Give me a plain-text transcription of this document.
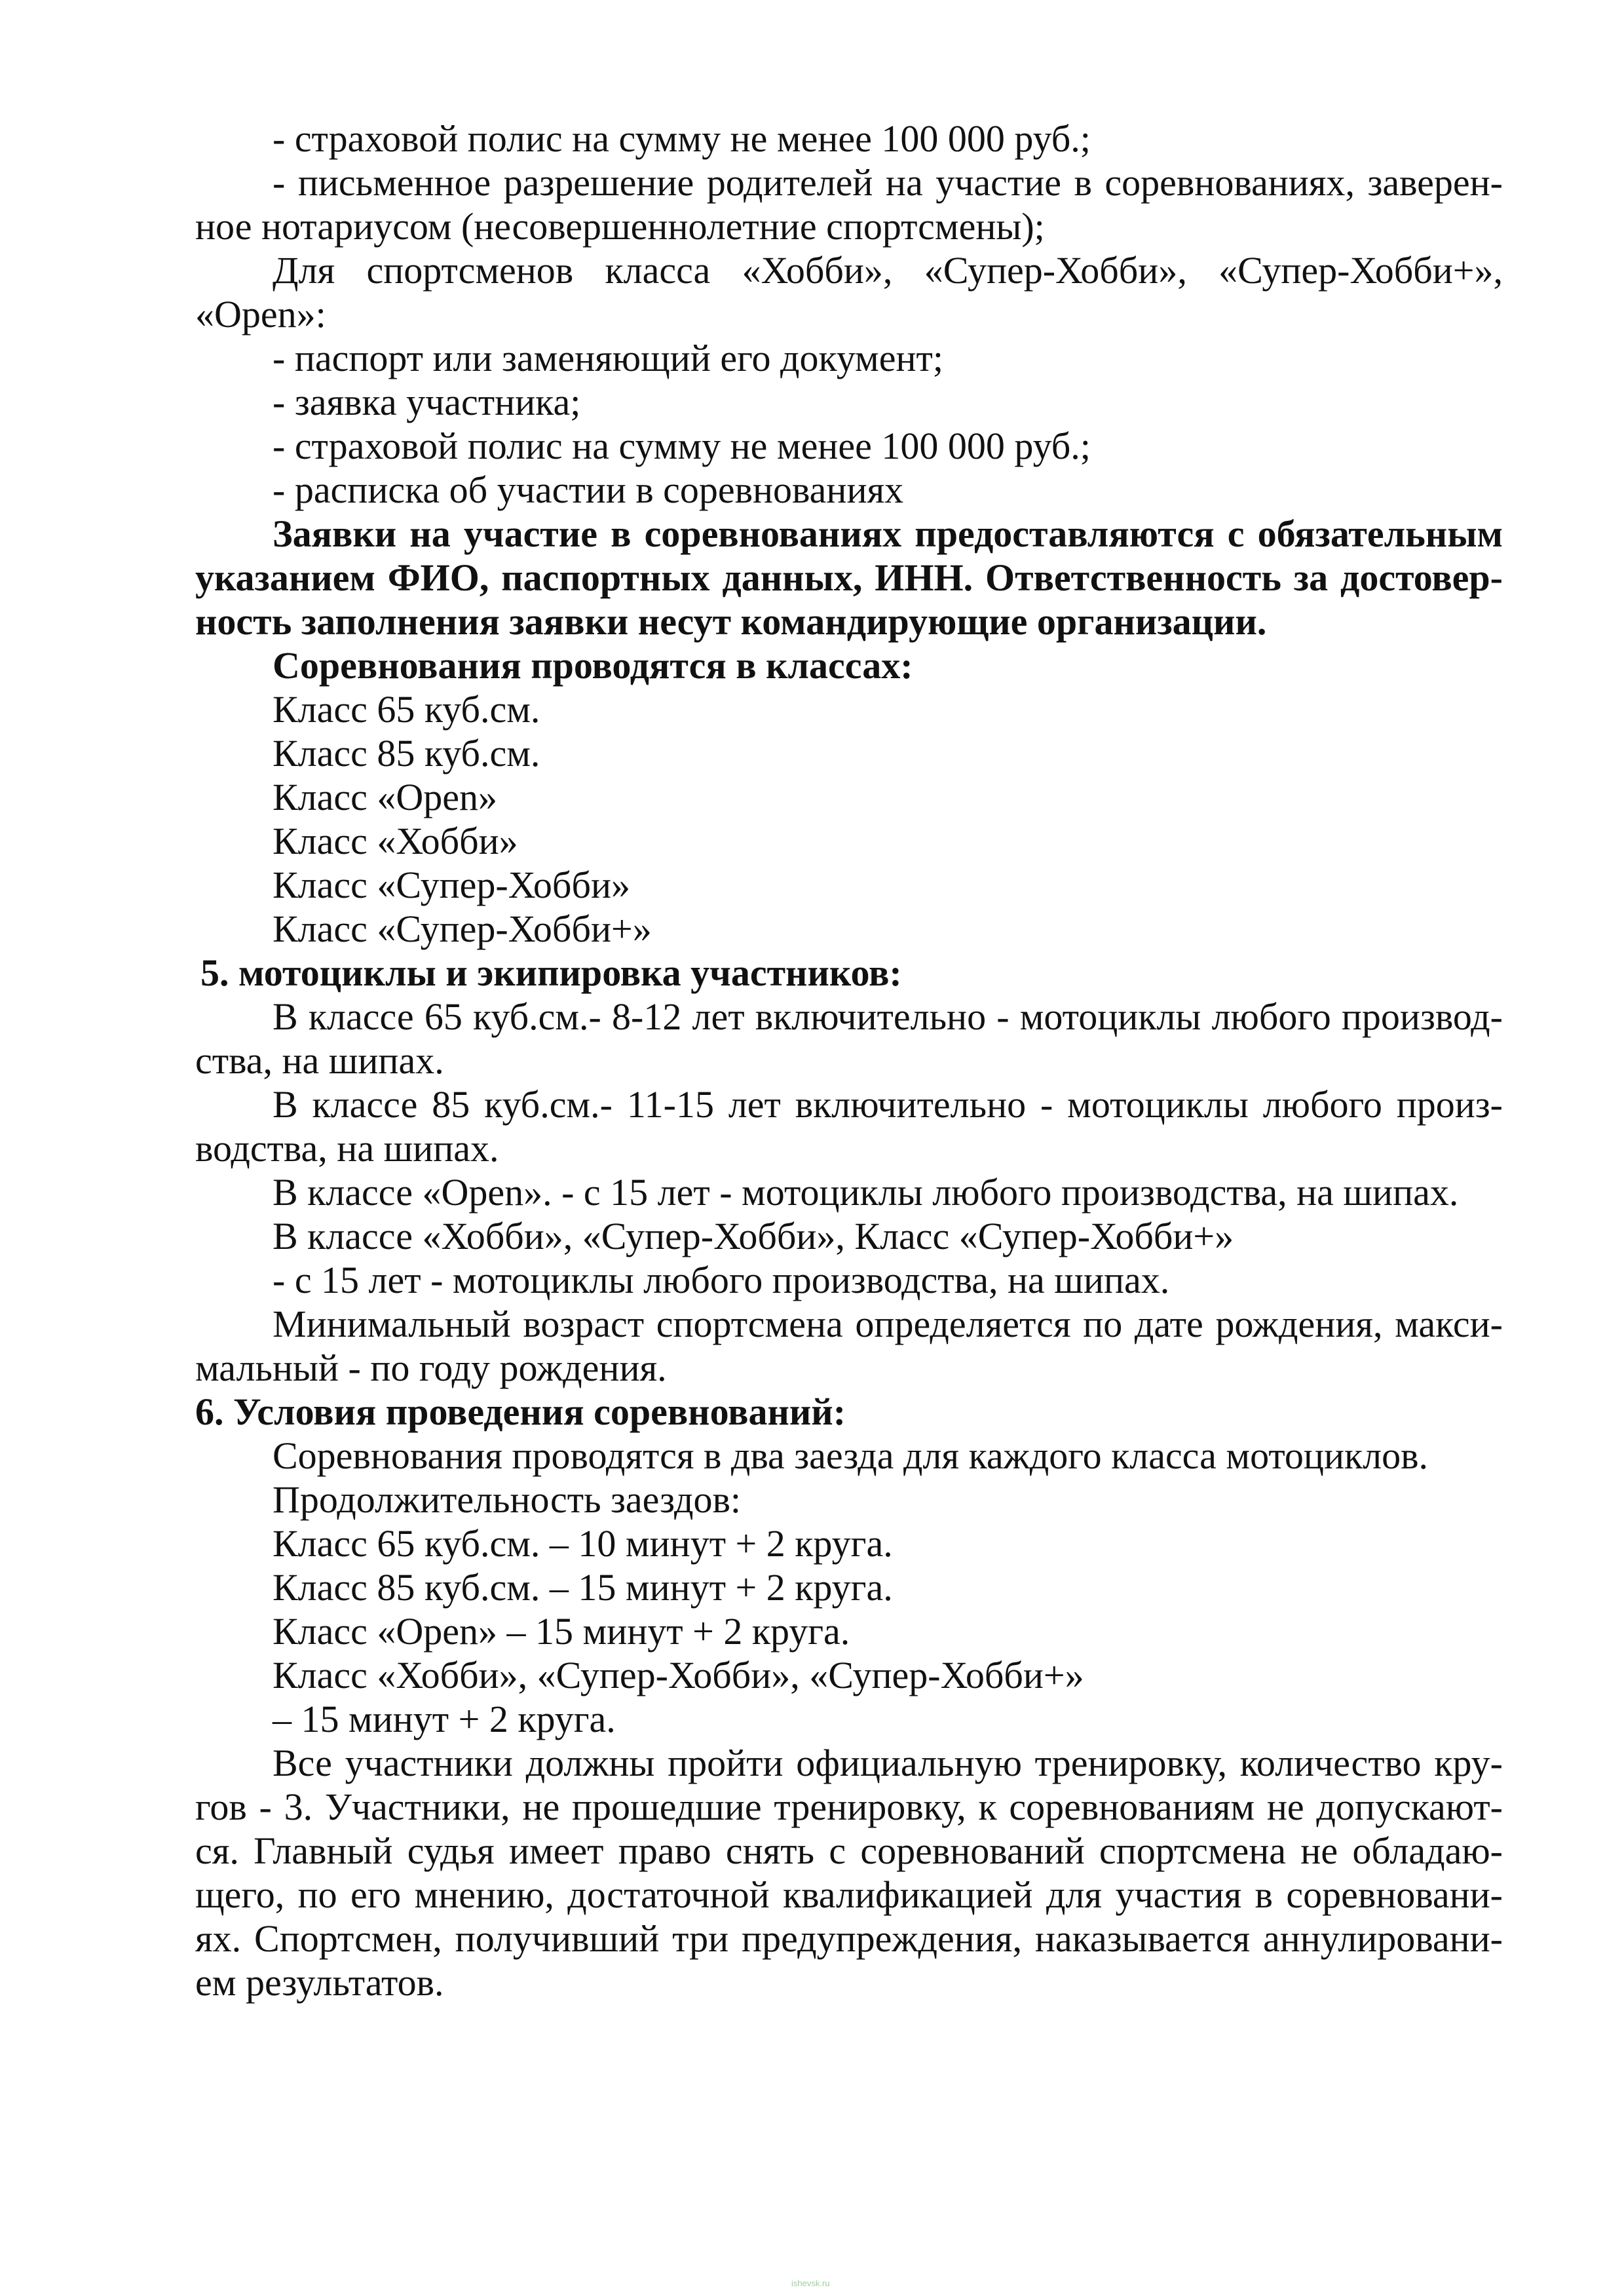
- страховой полис на сумму не менее 100 000 руб.;
- письменное разрешение родителей на участие в соревнованиях, заверен-
ное нотариусом (несовершеннолетние спортсмены);
Для спортсменов класса «Хобби», «Супер-Хобби», «Супер-Хобби+»,
«Open»:
- паспорт или заменяющий его документ;
- заявка участника;
- страховой полис на сумму не менее 100 000 руб.;
- расписка об участии в соревнованиях
Заявки на участие в соревнованиях предоставляются с обязательным
указанием ФИО, паспортных данных, ИНН. Ответственность за достовер-
ность заполнения заявки несут командирующие организации.
Соревнования проводятся в классах:
Класс 65 куб.см.
Класс 85 куб.см.
Класс «Open»
Класс «Хобби»
Класс «Супер-Хобби»
Класс «Супер-Хобби+»
5. мотоциклы и экипировка участников:
В классе 65 куб.см.- 8-12 лет включительно - мотоциклы любого производ-
ства, на шипах.
В классе 85 куб.см.- 11-15 лет включительно - мотоциклы любого произ-
водства, на шипах.
В классе «Open». - с 15 лет - мотоциклы любого производства, на шипах.
В классе «Хобби», «Супер-Хобби», Класс «Супер-Хобби+»
- с 15 лет - мотоциклы любого производства, на шипах.
Минимальный возраст спортсмена определяется по дате рождения, макси-
мальный - по году рождения.
6. Условия проведения соревнований:
Соревнования проводятся в два заезда для каждого класса мотоциклов.
Продолжительность заездов:
Класс 65 куб.см. – 10 минут + 2 круга.
Класс 85 куб.см. – 15 минут + 2 круга.
Класс «Open» – 15 минут + 2 круга.
Класс «Хобби», «Супер-Хобби», «Супер-Хобби+»
– 15 минут + 2 круга.
Все участники должны пройти официальную тренировку, количество кру-
гов - 3. Участники, не прошедшие тренировку, к соревнованиям не допускают-
ся. Главный судья имеет право снять с соревнований спортсмена не обладаю-
щего, по его мнению, достаточной квалификацией для участия в соревновани-
ях. Спортсмен, получивший три предупреждения, наказывается аннулировани-
ем результатов.
ishevsk.ru
